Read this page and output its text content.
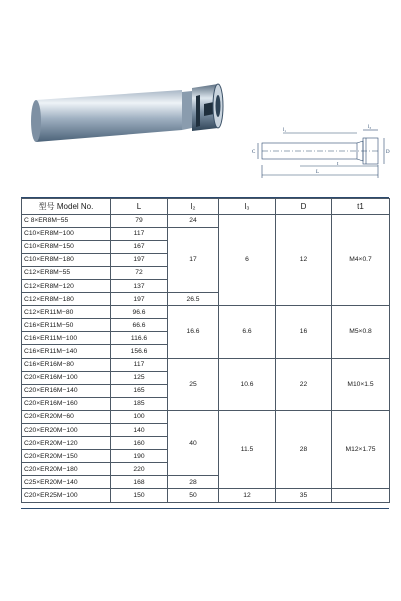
l₁
l₃
C	D
t
L
型号 Model No.	L	l₂	l₃	D	t1
C 8×ER8M−55	79	24	6	12	M4×0.7
C10×ER8M−100	117	17			
C10×ER8M−150	167				
C10×ER8M−180	197				
C12×ER8M−55	72				
C12×ER8M−120	137				
C12×ER8M−180	197	26.5			
C12×ER11M−80	96.6	16.6	6.6	16	M5×0.8
C16×ER11M−50	66.6				
C16×ER11M−100	116.6				
C16×ER11M−140	156.6				
C16×ER16M−80	117	25	10.6	22	M10×1.5
C20×ER16M−100	125				
C20×ER16M−140	165				
C20×ER16M−160	185				
C20×ER20M−60	100	40	11.5	28	M12×1.75
C20×ER20M−100	140				
C20×ER20M−120	160				
C20×ER20M−150	190				
C20×ER20M−180	220				
C25×ER20M−140	168	28			
C20×ER25M−100	150	50	12	35	
